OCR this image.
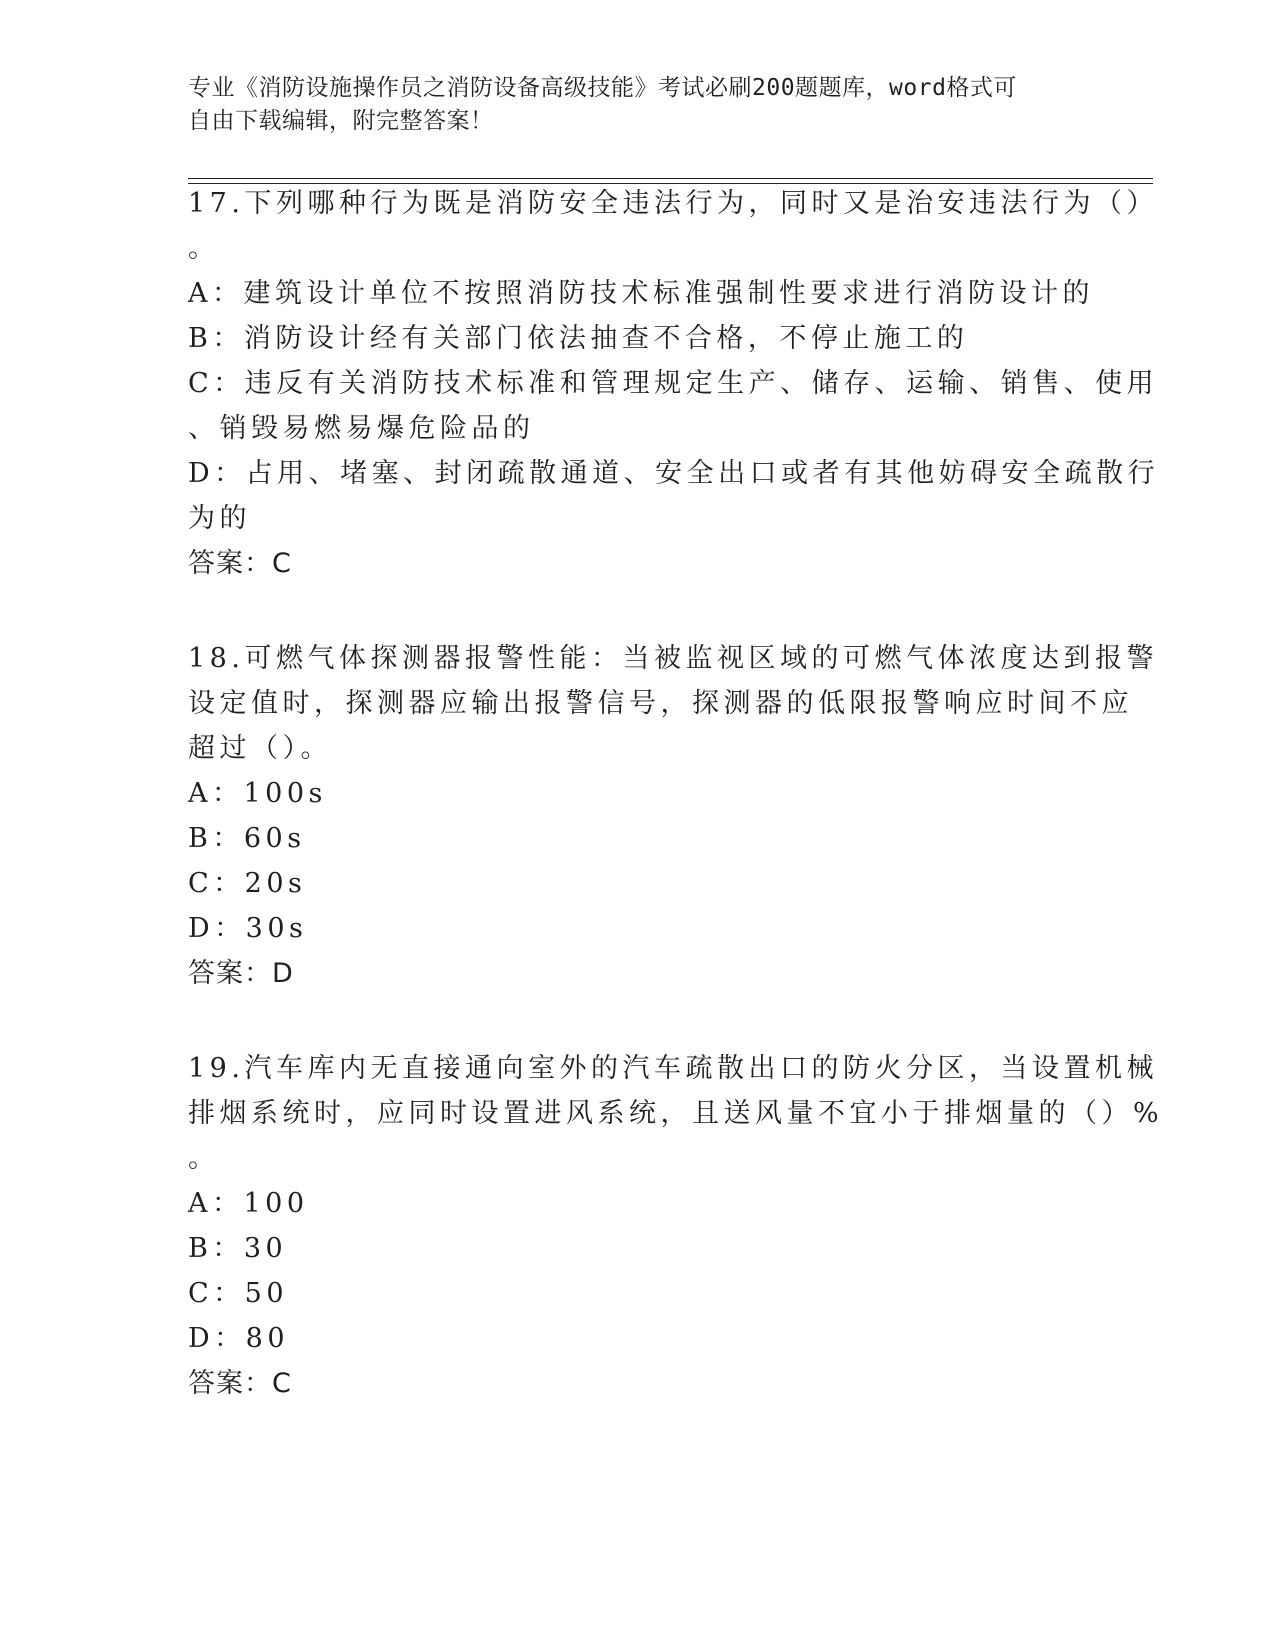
专业《消防设施操作员之消防设备高级技能》考试必刷200题题库，word格式可
自由下载编辑，附完整答案！
17.下列哪种行为既是消防安全违法行为，同时又是治安违法行为（）
。
A：建筑设计单位不按照消防技术标准强制性要求进行消防设计的
B：消防设计经有关部门依法抽查不合格，不停止施工的
C：违反有关消防技术标准和管理规定生产、储存、运输、销售、使用
、销毁易燃易爆危险品的
D：占用、堵塞、封闭疏散通道、安全出口或者有其他妨碍安全疏散行
为的
答案：C
18.可燃气体探测器报警性能：当被监视区域的可燃气体浓度达到报警
设定值时，探测器应输出报警信号，探测器的低限报警响应时间不应
超过（）。
A：100s
B：60s
C：20s
D：30s
答案：D
19.汽车库内无直接通向室外的汽车疏散出口的防火分区，当设置机械
排烟系统时，应同时设置进风系统，且送风量不宜小于排烟量的（）%
。
A：100
B：30
C：50
D：80
答案：C
